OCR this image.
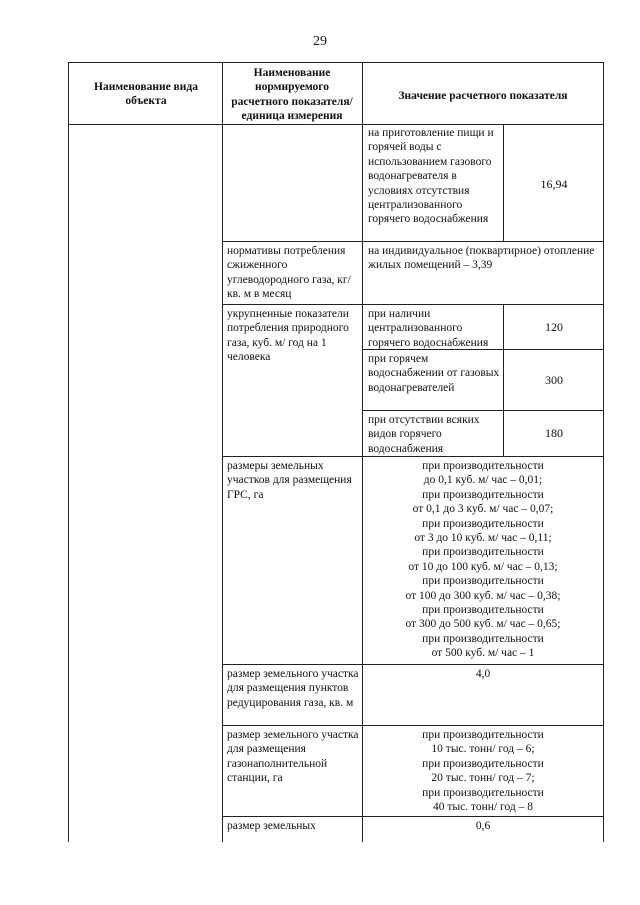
29
Наименование вида объекта
Наименование нормируемого расчетного показателя/ единица измерения
Значение расчетного показателя
на приготовление пищи и горячей воды с использованием газового водонагревателя в условиях отсутствия централизованного горячего водоснабжения
16,94
нормативы потребления сжиженного углеводородного газа, кг/ кв. м в месяц
на индивидуальное (поквартирное) отопление жилых помещений – 3,39
укрупненные показатели потребления природного газа, куб. м/ год на 1 человека
при наличии централизованного горячего водоснабжения
120
при горячем водоснабжении от газовых водонагревателей
300
при отсутствии всяких видов горячего водоснабжения
180
размеры земельных участков для размещения ГРС, га
при производительности
до 0,1 куб. м/ час – 0,01;
при производительности
от 0,1 до 3 куб. м/ час – 0,07;
при производительности
от 3 до 10 куб. м/ час – 0,11;
при производительности
от 10 до 100 куб. м/ час – 0,13;
при производительности
от 100 до 300 куб. м/ час – 0,38;
при производительности
от 300 до 500 куб. м/ час – 0,65;
при производительности
от 500 куб. м/ час – 1
размер земельного участка для размещения пунктов редуцирования газа, кв. м
4,0
размер земельного участка для размещения газонаполнительной станции, га
при производительности
10 тыс. тонн/ год – 6;
при производительности
20 тыс. тонн/ год – 7;
при производительности
40 тыс. тонн/ год – 8
размер земельных	0,6
